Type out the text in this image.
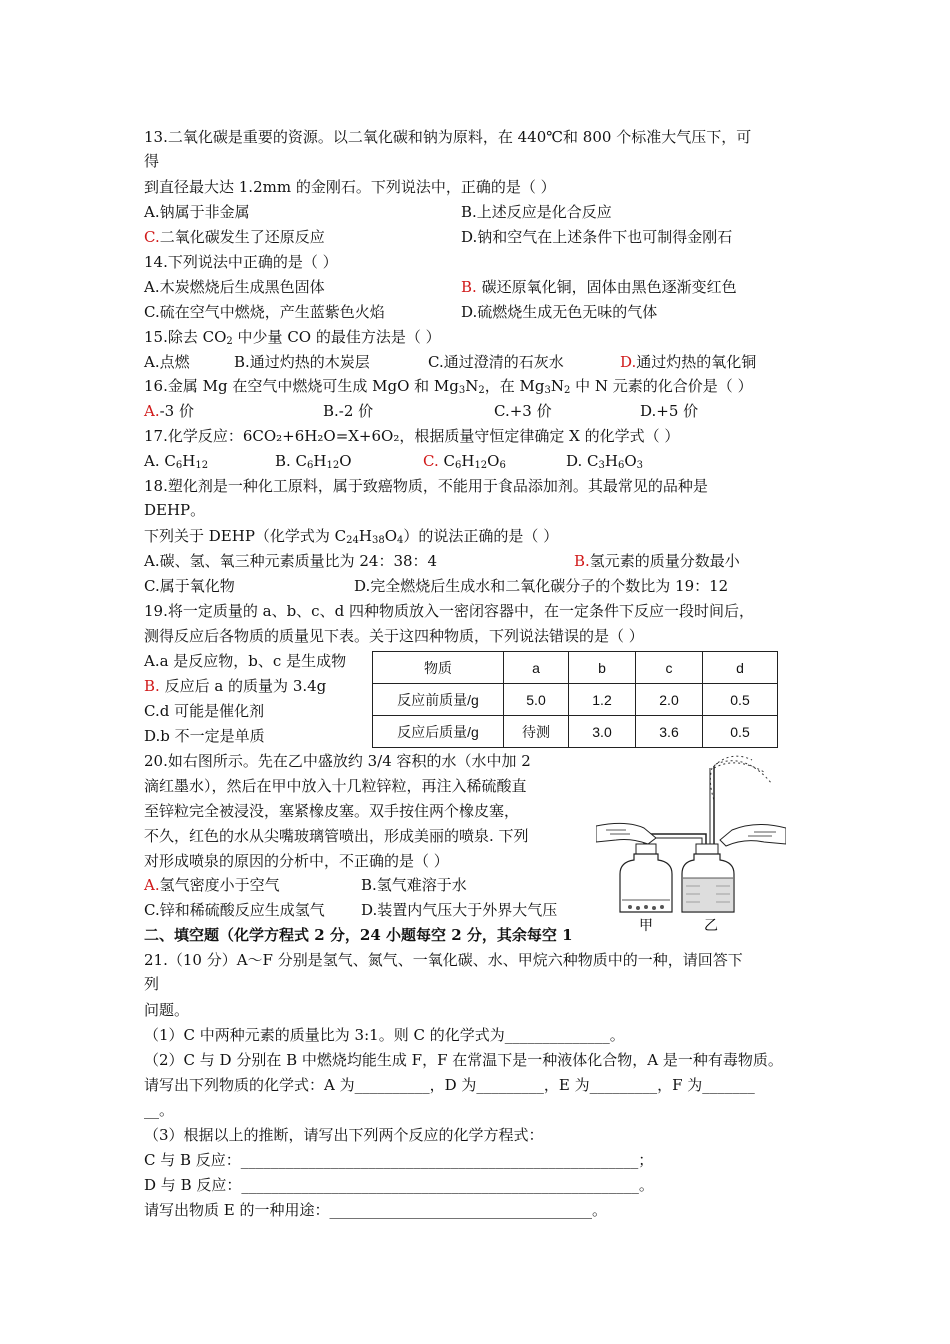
13.二氧化碳是重要的资源。以二氧化碳和钠为原料，在 440℃和 800 个标准大气压下，可
得
到直径最大达 1.2mm 的金刚石。下列说法中，正确的是（ ）
A.钠属于非金属	B.上述反应是化合反应
C.二氧化碳发生了还原反应	D.钠和空气在上述条件下也可制得金刚石
14.下列说法中正确的是（ ）
A.木炭燃烧后生成黑色固体	B. 碳还原氧化铜，固体由黑色逐渐变红色
C.硫在空气中燃烧，产生蓝紫色火焰	D.硫燃烧生成无色无味的气体
15.除去 $CO_2$ 中少量 CO 的最佳方法是（ ）
A.点燃	B.通过灼热的木炭层	C.通过澄清的石灰水	D.通过灼热的氧化铜
16.金属 Mg 在空气中燃烧可生成 MgO 和 $Mg_3N_2$，在 $Mg_3N_2$ 中 N 元素的化合价是（ ）
A.-3 价	B.-2 价	C.+3 价	D.+5 价
17.化学反应：6CO₂+6H₂O=X+6O₂，根据质量守恒定律确定 X 的化学式（ ）
A. $C_6H_{12}$	B. $C_6H_{12}O$	C. $C_6H_{12}O_6$	D. $C_3H_6O_3$
18.塑化剂是一种化工原料，属于致癌物质，不能用于食品添加剂。其最常见的品种是
DEHP。
下列关于 DEHP（化学式为 $C_{24}H_{38}O_4$）的说法正确的是（ ）
A.碳、氢、氧三种元素质量比为 24：38：4	B.氢元素的质量分数最小
C.属于氧化物	D.完全燃烧后生成水和二氧化碳分子的个数比为 19：12
19.将一定质量的 a、b、c、d 四种物质放入一密闭容器中，在一定条件下反应一段时间后，
测得反应后各物质的质量见下表。关于这四种物质，下列说法错误的是（ ）
A.a 是反应物，b、c 是生成物
B. 反应后 a 的质量为 3.4g
C.d 可能是催化剂
D.b 不一定是单质
物质	a	b	c	d
反应前质量/g	5.0	1.2	2.0	0.5
反应后质量/g	待测	3.0	3.6	0.5
20.如右图所示。先在乙中盛放约 3/4 容积的水（水中加 2
滴红墨水），然后在甲中放入十几粒锌粒，再注入稀硫酸直
至锌粒完全被浸没，塞紧橡皮塞。双手按住两个橡皮塞，
不久，红色的水从尖嘴玻璃管喷出，形成美丽的喷泉. 下列
对形成喷泉的原因的分析中，不正确的是（ ）
A.氢气密度小于空气	B.氢气难溶于水
C.锌和稀硫酸反应生成氢气 D.装置内气压大于外界大气压
甲	乙
二、填空题（化学方程式 2 分，24 小题每空 2 分，其余每空 1
21.（10 分）A～F 分别是氢气、氮气、一氧化碳、水、甲烷六种物质中的一种，请回答下
列
问题。
（1）C 中两种元素的质量比为 3:1。则 C 的化学式为______________。
（2）C 与 D 分别在 B 中燃烧均能生成 F，F 在常温下是一种液体化合物，A 是一种有毒物质。
请写出下列物质的化学式：A 为__________，D 为_________，E 为_________，F 为_______
__。
（3）根据以上的推断，请写出下列两个反应的化学方程式：
C 与 B 反应：_____________________________________________________；
D 与 B 反应：_____________________________________________________。
请写出物质 E 的一种用途：___________________________________。
